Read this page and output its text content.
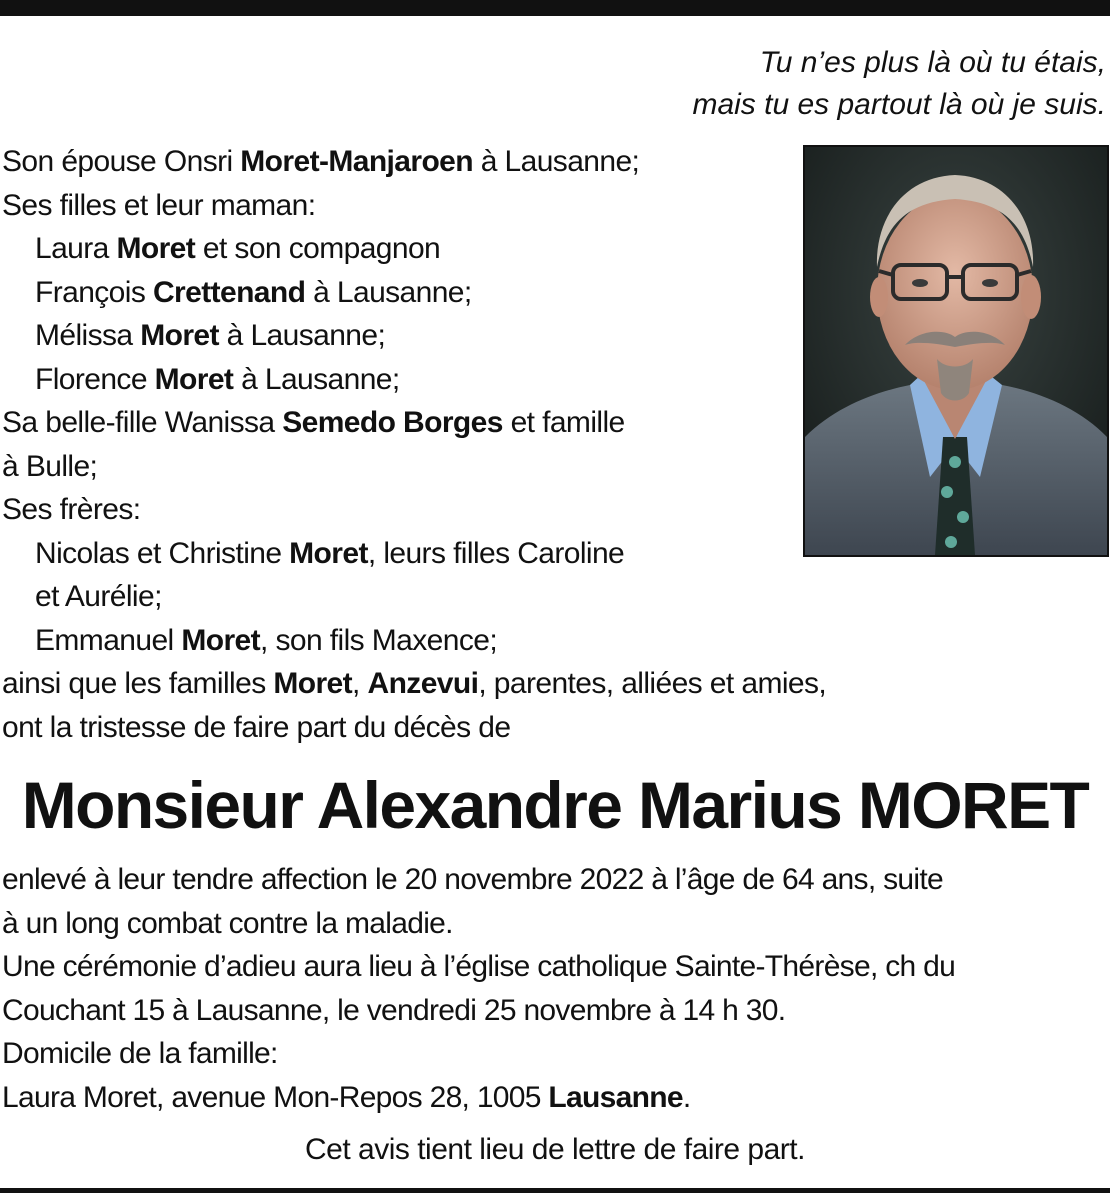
Tu n’es plus là où tu étais,
mais tu es partout là où je suis.
Son épouse Onsri Moret-Manjaroen à Lausanne;
Ses filles et leur maman:
Laura Moret et son compagnon
François Crettenand à Lausanne;
Mélissa Moret à Lausanne;
Florence Moret à Lausanne;
Sa belle-fille Wanissa Semedo Borges et famille
à Bulle;
Ses frères:
Nicolas et Christine Moret, leurs filles Caroline
et Aurélie;
Emmanuel Moret, son fils Maxence;
ainsi que les familles Moret, Anzevui, parentes, alliées et amies,
ont la tristesse de faire part du décès de
Monsieur Alexandre Marius MORET
enlevé à leur tendre affection le 20 novembre 2022 à l’âge de 64 ans, suite
à un long combat contre la maladie.
Une cérémonie d’adieu aura lieu à l’église catholique Sainte-Thérèse, ch du
Couchant 15 à Lausanne, le vendredi 25 novembre à 14 h 30.
Domicile de la famille:
Laura Moret, avenue Mon-Repos 28, 1005 Lausanne.
Cet avis tient lieu de lettre de faire part.
